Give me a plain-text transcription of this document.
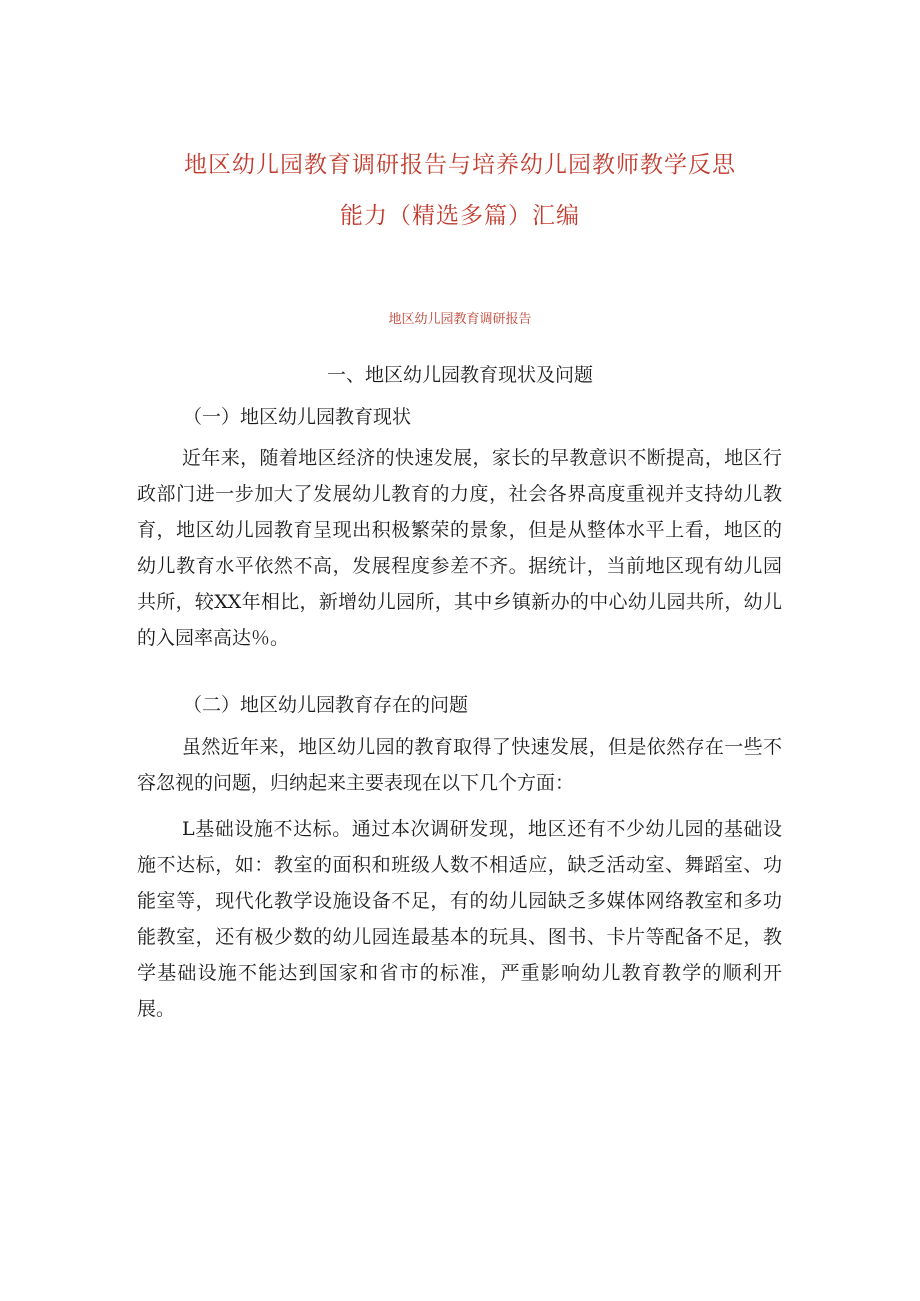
地区幼儿园教育调研报告与培养幼儿园教师教学反思
能力（精选多篇）汇编
地区幼儿园教育调研报告
一、地区幼儿园教育现状及问题
（一）地区幼儿园教育现状

近年来，随着地区经济的快速发展，家长的早教意识不断提高，地区行政部门进一步加大了发展幼儿教育的力度，社会各界高度重视并支持幼儿教育，地区幼儿园教育呈现出积极繁荣的景象，但是从整体水平上看，地区的幼儿教育水平依然不高，发展程度参差不齐。据统计，当前地区现有幼儿园共所，较XX年相比，新增幼儿园所，其中乡镇新办的中心幼儿园共所，幼儿的入园率高达％。

（二）地区幼儿园教育存在的问题

虽然近年来，地区幼儿园的教育取得了快速发展，但是依然存在一些不容忽视的问题，归纳起来主要表现在以下几个方面：

L基础设施不达标。通过本次调研发现，地区还有不少幼儿园的基础设施不达标，如：教室的面积和班级人数不相适应，缺乏活动室、舞蹈室、功能室等，现代化教学设施设备不足，有的幼儿园缺乏多媒体网络教室和多功能教室，还有极少数的幼儿园连最基本的玩具、图书、卡片等配备不足，教学基础设施不能达到国家和省市的标准，严重影响幼儿教育教学的顺利开展。
